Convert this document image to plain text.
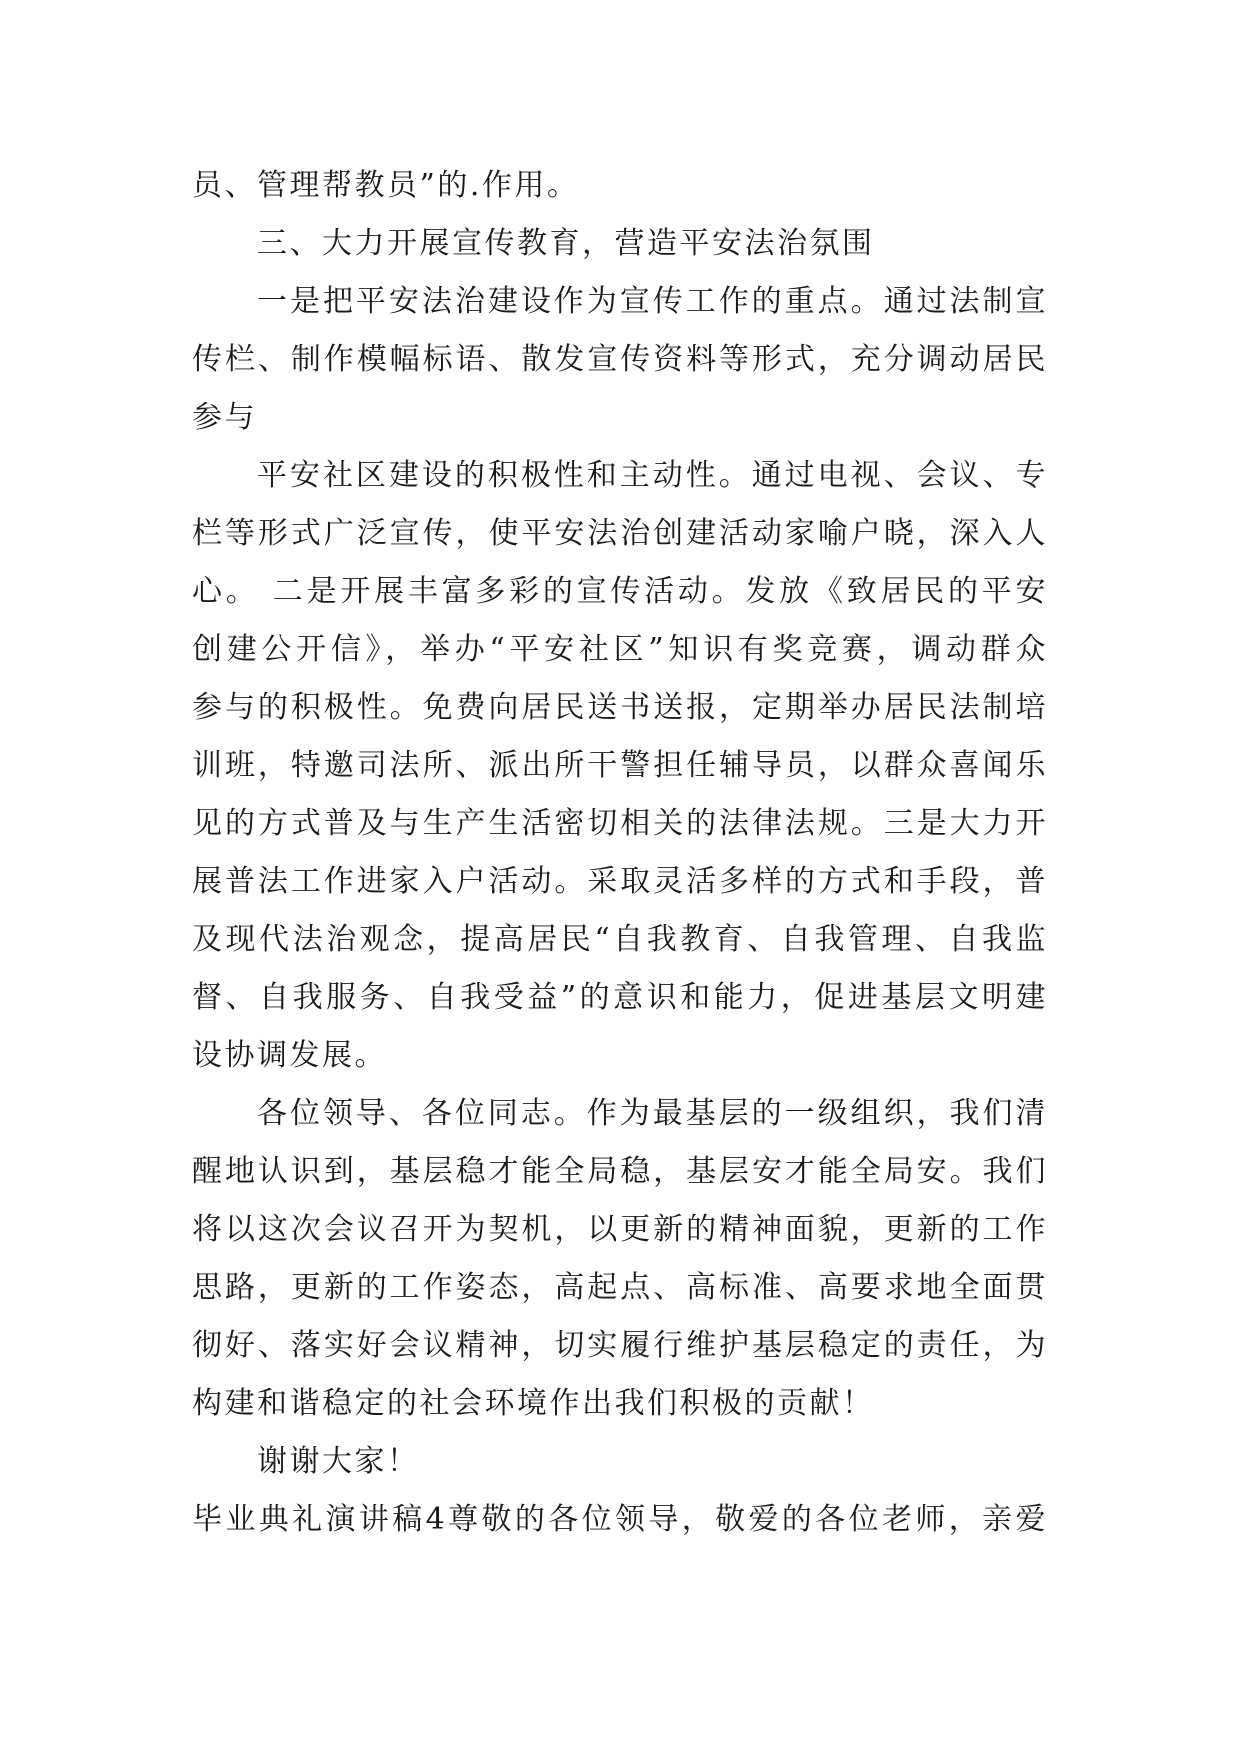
员、管理帮教员”的.作用。
三、大力开展宣传教育，营造平安法治氛围
一是把平安法治建设作为宣传工作的重点。通过法制宣
传栏、制作模幅标语、散发宣传资料等形式，充分调动居民
参与
平安社区建设的积极性和主动性。通过电视、会议、专
栏等形式广泛宣传，使平安法治创建活动家喻户晓，深入人
心。 二是开展丰富多彩的宣传活动。发放《致居民的平安
创建公开信》，举办“平安社区”知识有奖竞赛，调动群众
参与的积极性。免费向居民送书送报，定期举办居民法制培
训班，特邀司法所、派出所干警担任辅导员，以群众喜闻乐
见的方式普及与生产生活密切相关的法律法规。三是大力开
展普法工作进家入户活动。采取灵活多样的方式和手段，普
及现代法治观念，提高居民“自我教育、自我管理、自我监
督、自我服务、自我受益”的意识和能力，促进基层文明建
设协调发展。
各位领导、各位同志。作为最基层的一级组织，我们清
醒地认识到，基层稳才能全局稳，基层安才能全局安。我们
将以这次会议召开为契机，以更新的精神面貌，更新的工作
思路，更新的工作姿态，高起点、高标准、高要求地全面贯
彻好、落实好会议精神，切实履行维护基层稳定的责任，为
构建和谐稳定的社会环境作出我们积极的贡献！
谢谢大家！
毕业典礼演讲稿4尊敬的各位领导，敬爱的各位老师，亲爱
